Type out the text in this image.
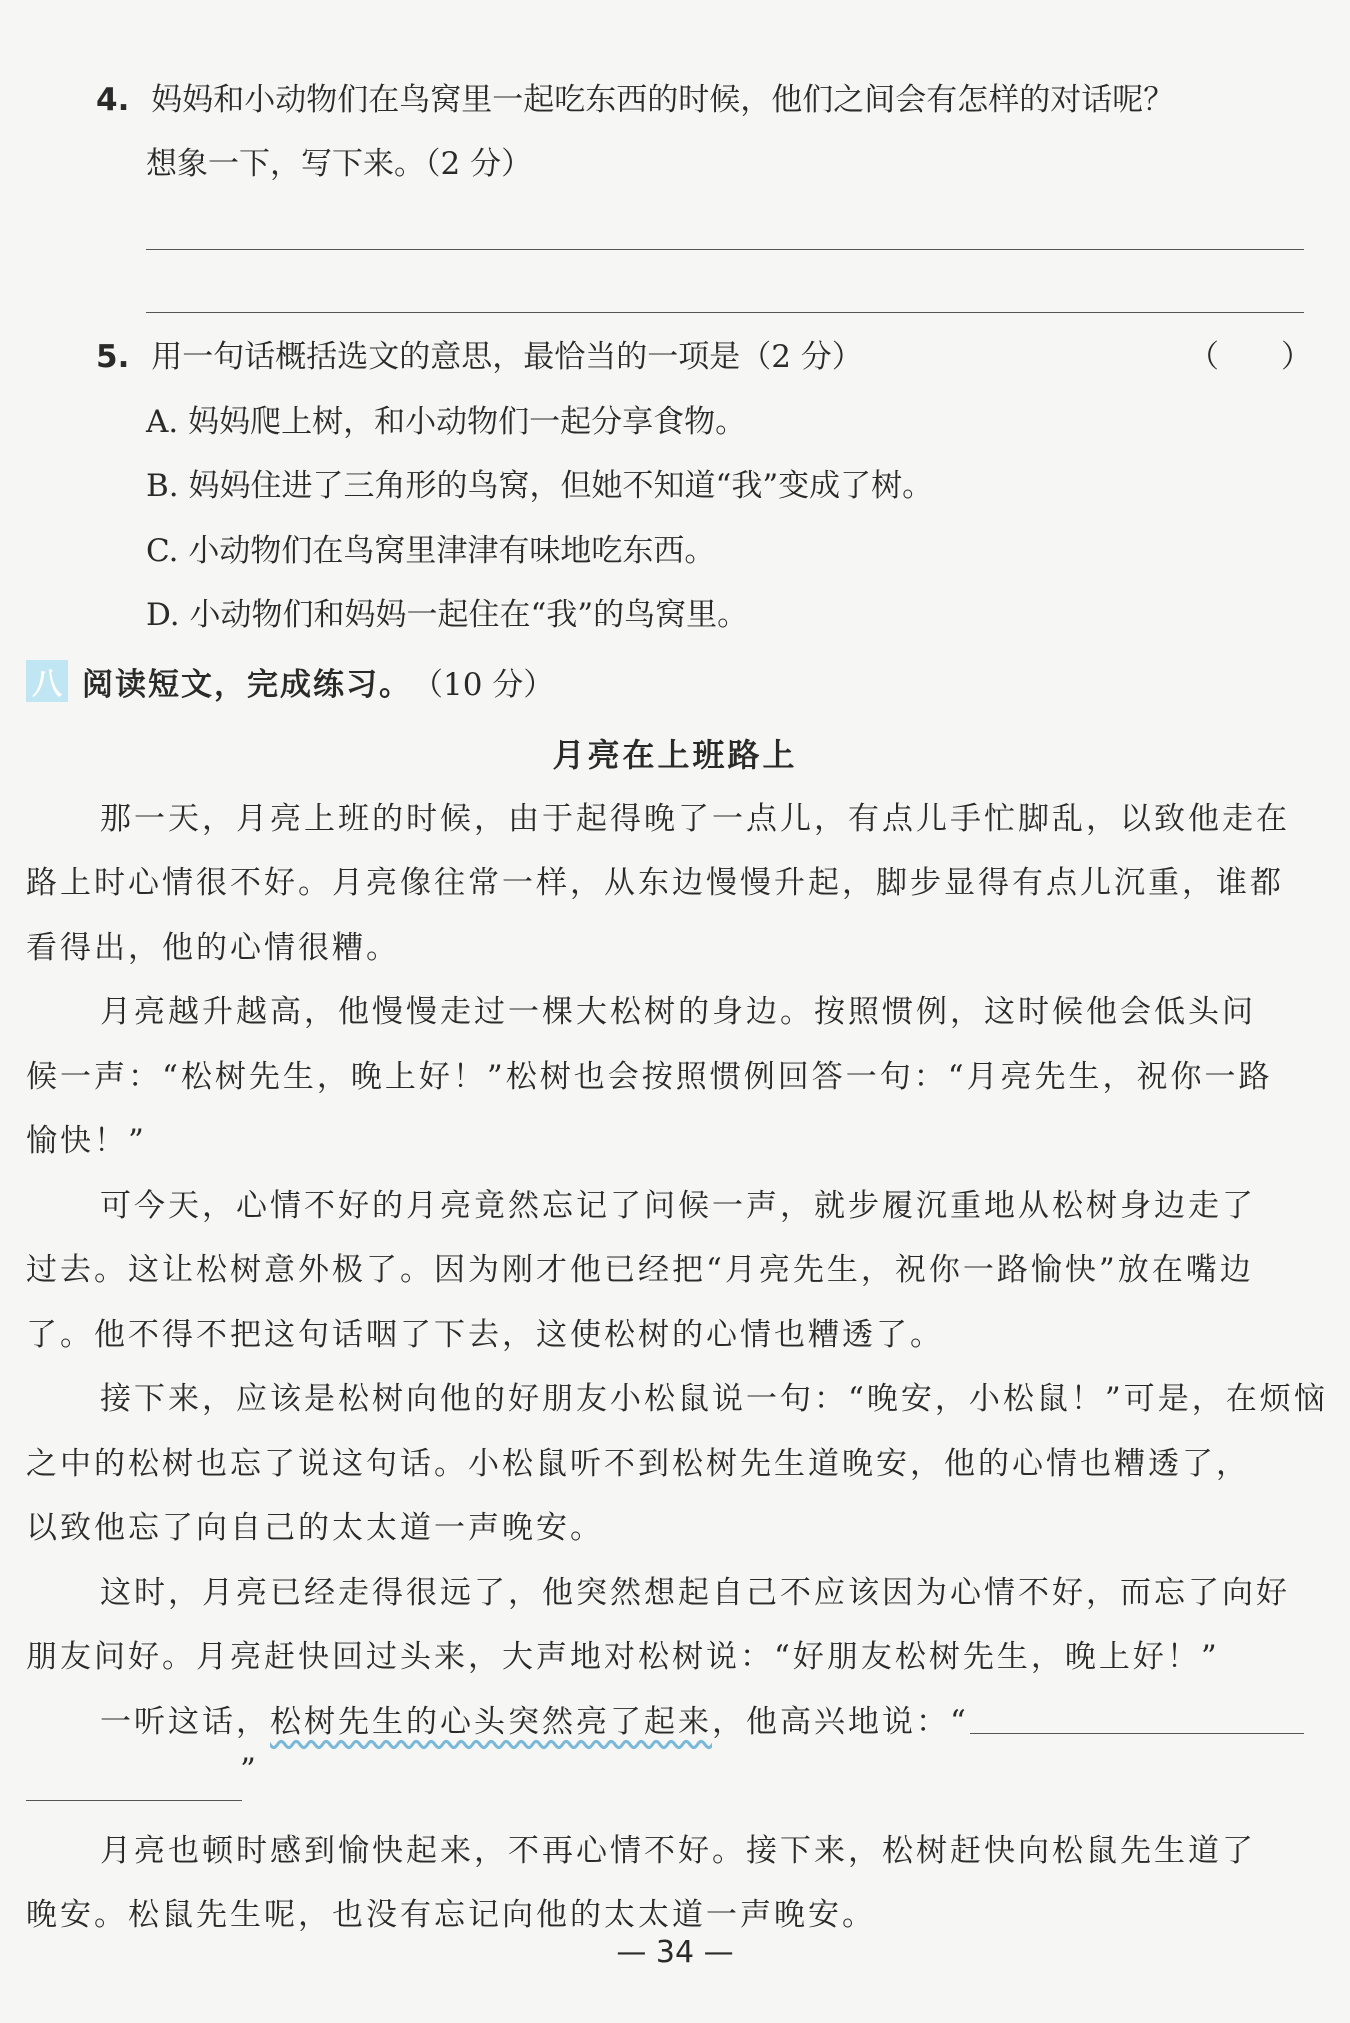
4. 妈妈和小动物们在鸟窝里一起吃东西的时候，他们之间会有怎样的对话呢？
想象一下，写下来。（2 分）
5. 用一句话概括选文的意思，最恰当的一项是（2 分）	（　　）
A. 妈妈爬上树，和小动物们一起分享食物。
B. 妈妈住进了三角形的鸟窝，但她不知道“我”变成了树。
C. 小动物们在鸟窝里津津有味地吃东西。
D. 小动物们和妈妈一起住在“我”的鸟窝里。
八 阅读短文，完成练习。 （10 分）
月亮在上班路上
那一天，月亮上班的时候，由于起得晚了一点儿，有点儿手忙脚乱，以致他走在
路上时心情很不好。月亮像往常一样，从东边慢慢升起，脚步显得有点儿沉重，谁都
看得出，他的心情很糟。
月亮越升越高，他慢慢走过一棵大松树的身边。按照惯例，这时候他会低头问
候一声：“松树先生，晚上好！”松树也会按照惯例回答一句：“月亮先生，祝你一路
愉快！”
可今天，心情不好的月亮竟然忘记了问候一声，就步履沉重地从松树身边走了
过去。这让松树意外极了。因为刚才他已经把“月亮先生，祝你一路愉快”放在嘴边
了。他不得不把这句话咽了下去，这使松树的心情也糟透了。
接下来，应该是松树向他的好朋友小松鼠说一句：“晚安，小松鼠！”可是，在烦恼
之中的松树也忘了说这句话。小松鼠听不到松树先生道晚安，他的心情也糟透了，
以致他忘了向自己的太太道一声晚安。
这时，月亮已经走得很远了，他突然想起自己不应该因为心情不好，而忘了向好
朋友问好。月亮赶快回过头来，大声地对松树说：“好朋友松树先生，晚上好！”
一听这话，松树先生的心头突然亮了起来，他高兴地说：“
”
月亮也顿时感到愉快起来，不再心情不好。接下来，松树赶快向松鼠先生道了
晚安。松鼠先生呢，也没有忘记向他的太太道一声晚安。
— 34 —
